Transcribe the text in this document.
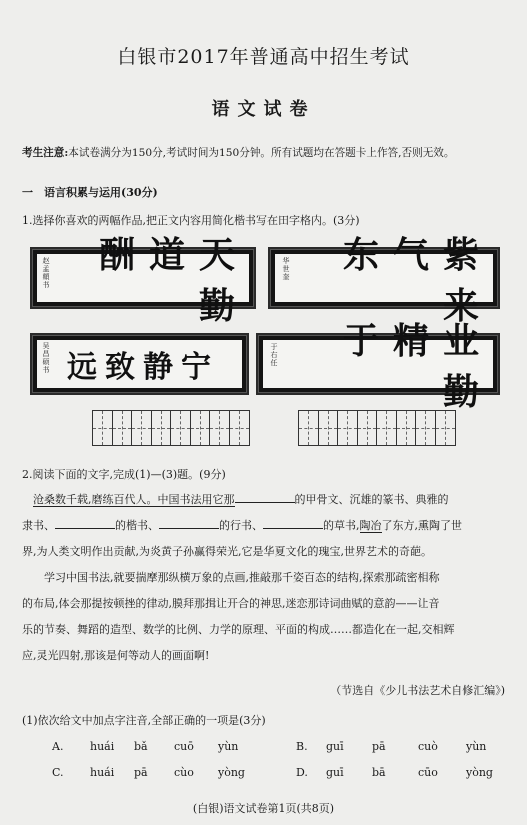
白银市2017年普通高中招生考试
语文试卷
考生注意:本试卷满分为150分,考试时间为150分钟。所有试题均在答题卡上作答,否则无效。
一　语言积累与运用(30分)
1.选择你喜欢的两幅作品,把正文内容用简化楷书写在田字格内。(3分)
赵孟頫书	天道酬勤
华世奎	紫气东来
吴昌硕书 宁静致远	于右任	业精于勤
2.阅读下面的文字,完成(1)—(3)题。(9分)
沧桑数千载,磨练百代人。中国书法用它那	的甲骨文、沉雄的篆书、典雅的
隶书、	的楷书、	的行书、	的草书,陶冶了东方,熏陶了世
界,为人类文明作出贡献,为炎黄子孙赢得荣光,它是华夏文化的瑰宝,世界艺术的奇葩。
学习中国书法,就要揣摩那纵横万象的点画,推敲那千姿百态的结构,探索那疏密相称
的布局,体会那提按顿挫的律动,膜拜那揖让开合的神思,迷恋那诗词曲赋的意韵——让音
乐的节奏、舞蹈的造型、数学的比例、力学的原理、平面的构成……都造化在一起,交相辉
应,灵光四射,那该是何等动人的画面啊!
（节选自《少儿书法艺术自修汇编》)
(1)依次给文中加点字注音,全部正确的一项是(3分)
A. huái bǎ cuō yùn	B. guī	pā	cuò	yùn
C. huái pā cùo yòng	D. guī	bā	cūo	yòng
(白银)语文试卷第1页(共8页)
